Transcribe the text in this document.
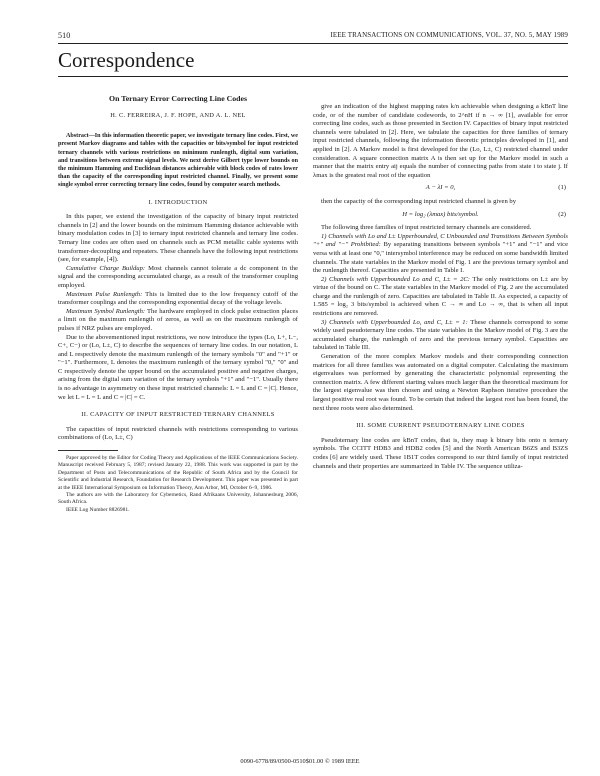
510	IEEE TRANSACTIONS ON COMMUNICATIONS, VOL. 37, NO. 5, MAY 1989
Correspondence
On Ternary Error Correcting Line Codes
H. C. FERREIRA, J. F. HOPE, AND A. L. NEL

Abstract—In this information theoretic paper, we investigate ternary line codes. First, we present Markov diagrams and tables with the capacities or bits/symbol for input restricted ternary channels with various restrictions on minimum runlength, digital sum variation, and transitions between extreme signal levels. We next derive Gilbert type lower bounds on the minimum Hamming and Euclidean distances achievable with block codes of rates lower than the capacity of the corresponding input restricted channel. Finally, we present some single symbol error correcting ternary line codes, found by computer search methods.

I. INTRODUCTION

In this paper, we extend the investigation of the capacity of binary input restricted channels in [2] and the lower bounds on the minimum Hamming distance achievable with binary modulation codes in [3] to ternary input restricted channels and ternary line codes. Ternary line codes are often used on channels such as PCM metallic cable systems with transformer-decoupling and repeaters. These channels have the following input restrictions (see, for example, [4]).

Cumulative Charge Buildup: Most channels cannot tolerate a dc component in the signal and the corresponding accumulated charge, as a result of the transformer coupling employed.

Maximum Pulse Runlength: This is limited due to the low frequency cutoff of the transformer couplings and the corresponding exponential decay of the voltage levels.

Maximum Symbol Runlength: The hardware employed in clock pulse extraction places a limit on the maximum runlength of zeros, as well as on the maximum runlength of pulses if NRZ pulses are employed.

Due to the abovementioned input restrictions, we now introduce the types (Lo, L+, L−, C+, C−) or (Lo, L±, C) to describe the sequences of ternary line codes. In our notation, L and L respectively denote the maximum runlength of the ternary symbols "0" and "+1" or "−1". Furthermore, L denotes the maximum runlength of the ternary symbol "0," "0" and C respectively denote the upper bound on the accumulated positive and negative charges, arising from the digital sum variation of the ternary symbols "+1" and "−1". Usually there is no advantage in asymmetry on these input restricted channels: L = L and C = |C|. Hence, we let L = L = L and C = |C| = C.

II. CAPACITY OF INPUT RESTRICTED TERNARY CHANNELS

The capacities of input restricted channels with restrictions corresponding to various combinations of (Lo, L±, C)

Paper approved by the Editor for Coding Theory and Applications of the IEEE Communications Society. Manuscript received February 5, 1987; revised January 22, 1988. This work was supported in part by the Department of Posts and Telecommunications of the Republic of South Africa and by the Council for Scientific and Industrial Research, Foundation for Research Development. This paper was presented in part at the IEEE International Symposium on Information Theory, Ann Arbor, MI, October 6–9, 1986.

The authors are with the Laboratory for Cybernetics, Rand Afrikaans University, Johannesburg 2006, South Africa.

IEEE Log Number 8826981.

give an indication of the highest mapping rates k/n achievable when designing a kBnT line code, or of the number of candidate codewords, to 2^nH if n → ∞ [1], available for error correcting line codes, such as those presented in Section IV. Capacities of binary input restricted channels were tabulated in [2]. Here, we tabulate the capacities for three families of ternary input restricted channels, following the information theoretic principles developed in [1], and applied in [2]. A Markov model is first developed for the (Lo, L±, C) restricted channel under consideration. A square connection matrix A is then set up for the Markov model in such a manner that the matrix entry aij equals the number of connecting paths from state i to state j. If λmax is the greatest real root of the equation

A − λI = 0,	(1)

then the capacity of the corresponding input restricted channel is given by

H = log₂ (λmax) bits/symbol.	(2)

The following three families of input restricted ternary channels are considered.

1) Channels with Lo and L± Upperbounded, C Unbounded and Transitions Between Symbols "+" and "−" Prohibited: By separating transitions between symbols "+1" and "−1" and vice versa with at least one "0," intersymbol interference may be reduced on some bandwidth limited channels. The state variables in the Markov model of Fig. 1 are the previous ternary symbol and the runlength thereof. Capacities are presented in Table I.

2) Channels with Upperbounded Lo and C, L± = 2C: The only restrictions on L± are by virtue of the bound on C. The state variables in the Markov model of Fig. 2 are the accumulated charge and the runlength of zero. Capacities are tabulated in Table II. As expected, a capacity of 1.585 = log₂ 3 bits/symbol is achieved when C → ∞ and Lo → ∞, that is when all input restrictions are removed.

3) Channels with Upperbounded Lo, and C, L± = 1: These channels correspond to some widely used pseudoternary line codes. The state variables in the Markov model of Fig. 3 are the accumulated charge, the runlength of zero and the previous ternary symbol. Capacities are tabulated in Table III.

Generation of the more complex Markov models and their corresponding connection matrices for all three families was automated on a digital computer. Calculating the maximum eigenvalues was performed by generating the characteristic polynomial representing the connection matrix. A few different starting values much larger than the theoretical maximum for the largest eigenvalue was then chosen and using a Newton Raphson iterative procedure the largest positive real root was found. To be certain that indeed the largest root has been found, the next three roots were also determined.

III. SOME CURRENT PSEUDOTERNARY LINE CODES

Pseudoternary line codes are kBnT codes, that is, they map k binary bits onto n ternary symbols. The CCITT HDB3 and HDB2 codes [5] and the North American B6ZS and B3ZS codes [6] are widely used. These 1B1T codes correspond to our third family of input restricted channels and their properties are summarized in Table IV. The sequence utiliza-

0090-6778/89/0500-0510$01.00 © 1989 IEEE
